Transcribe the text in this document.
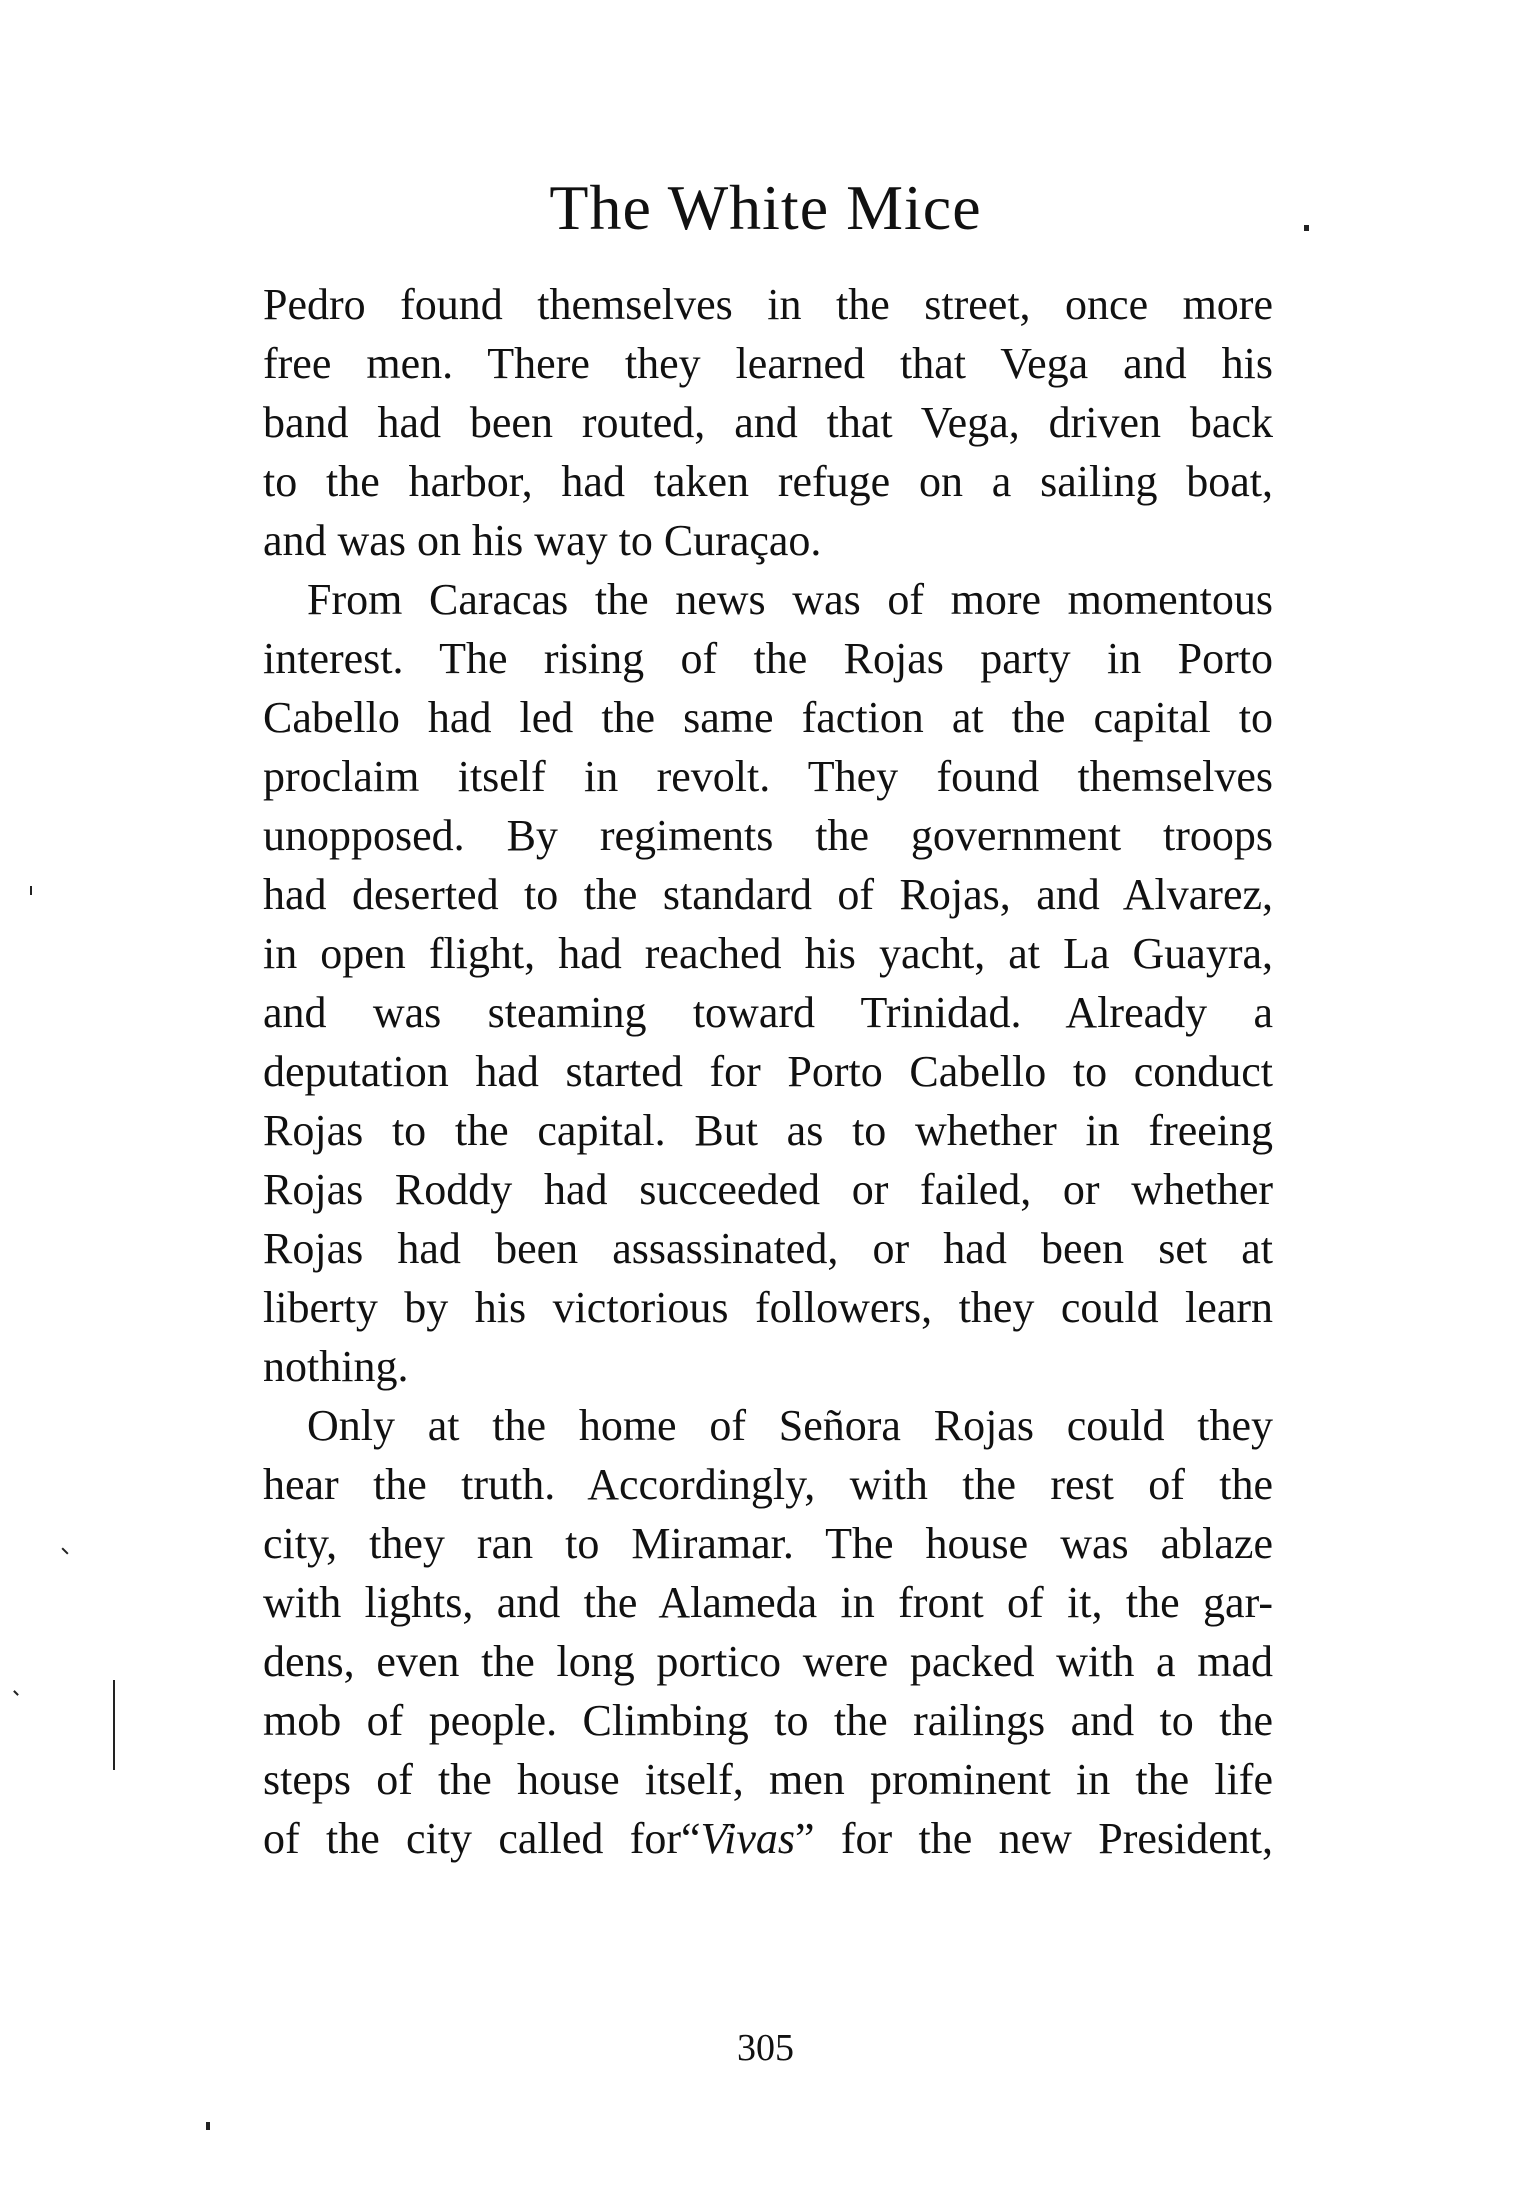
The White Mice
Pedro found themselves in the street, once more
free men. There they learned that Vega and his
band had been routed, and that Vega, driven back
to the harbor, had taken refuge on a sailing boat,
and was on his way to Curaçao.
From Caracas the news was of more momentous
interest. The rising of the Rojas party in Porto
Cabello had led the same faction at the capital to
proclaim itself in revolt. They found themselves
unopposed. By regiments the government troops
had deserted to the standard of Rojas, and Alvarez,
in open flight, had reached his yacht, at La Guayra,
and was steaming toward Trinidad. Already a
deputation had started for Porto Cabello to conduct
Rojas to the capital. But as to whether in freeing
Rojas Roddy had succeeded or failed, or whether
Rojas had been assassinated, or had been set at
liberty by his victorious followers, they could learn
nothing.
Only at the home of Señora Rojas could they
hear the truth. Accordingly, with the rest of the
city, they ran to Miramar. The house was ablaze
with lights, and the Alameda in front of it, the gar-
dens, even the long portico were packed with a mad
mob of people. Climbing to the railings and to the
steps of the house itself, men prominent in the life
of the city called for“Vivas” for the new President,
305
